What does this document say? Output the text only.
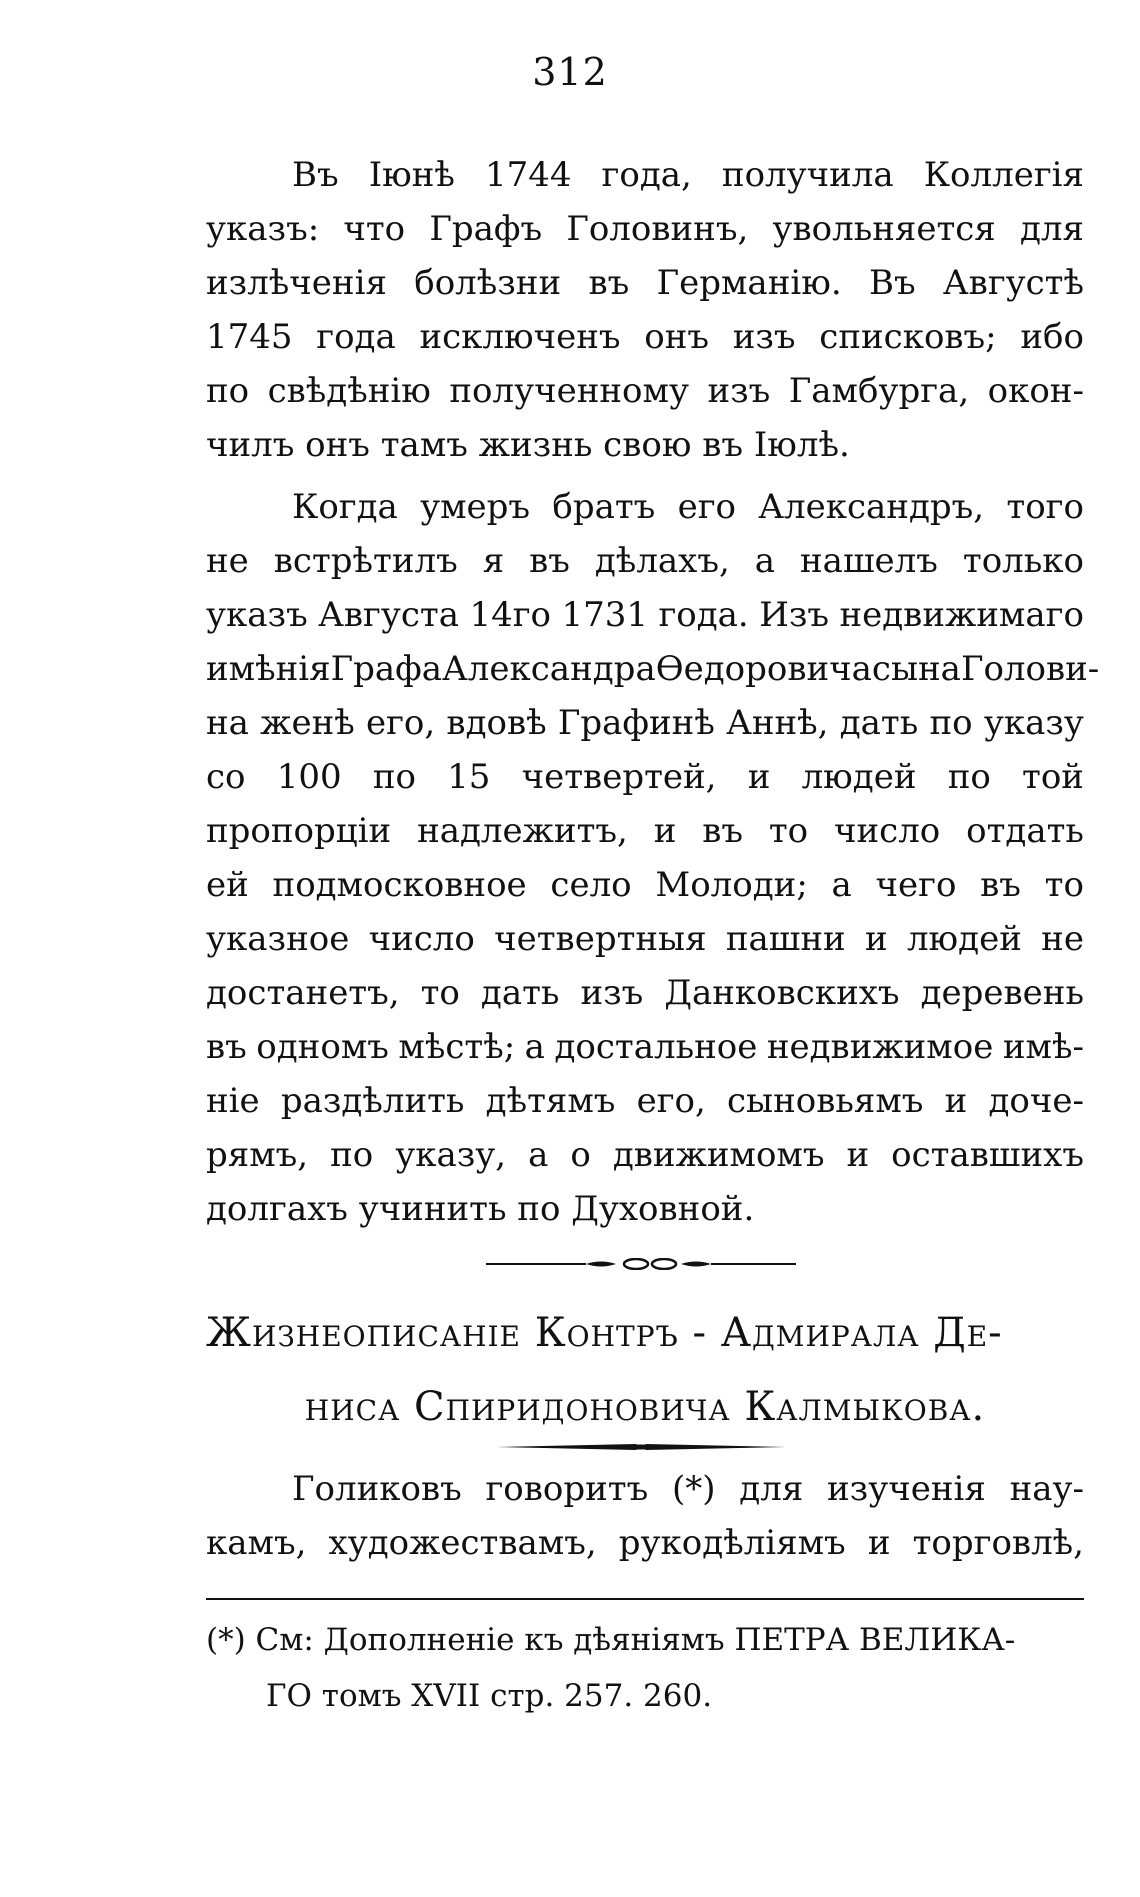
312
Въ Іюнѣ 1744 года, получила Коллегія
указъ: что Графъ Головинъ, увольняется для
излѣченія болѣзни въ Германію. Въ Августѣ
1745 года исключенъ онъ изъ списковъ; ибо
по свѣдѣнію полученному изъ Гамбурга, окон-
чилъ онъ тамъ жизнь свою въ Іюлѣ.
Когда умеръ братъ его Александръ, того
не встрѣтилъ я въ дѣлахъ, а нашелъ только
указъ Августа 14го 1731 года. Изъ недвижимаго
имѣнія Графа Александра Ѳедоровича сына Голови-
на женѣ его, вдовѣ Графинѣ Аннѣ, дать по указу
со 100 по 15 четвертей, и людей по той
пропорціи надлежитъ, и въ то число отдать
ей подмосковное село Молоди; а чего въ то
указное число четвертныя пашни и людей не
достанетъ, то дать изъ Данковскихъ деревень
въ одномъ мѣстѣ; а достальное недвижимое имѣ-
ніе раздѣлить дѣтямъ его, сыновьямъ и доче-
рямъ, по указу, а о движимомъ и оставшихъ
долгахъ учинить по Духовной.
Жизнеописаніе Контръ - Адмирала Де-
ниса Спиридоновича Калмыкова.
Голиковъ говоритъ (*) для изученія нау-
камъ, художествамъ, рукодѣліямъ и торговлѣ,
(*) См: Дополненіе къ дѣяніямъ ПЕТРА ВЕЛИКА-
ГО томъ XVII стр. 257. 260.
